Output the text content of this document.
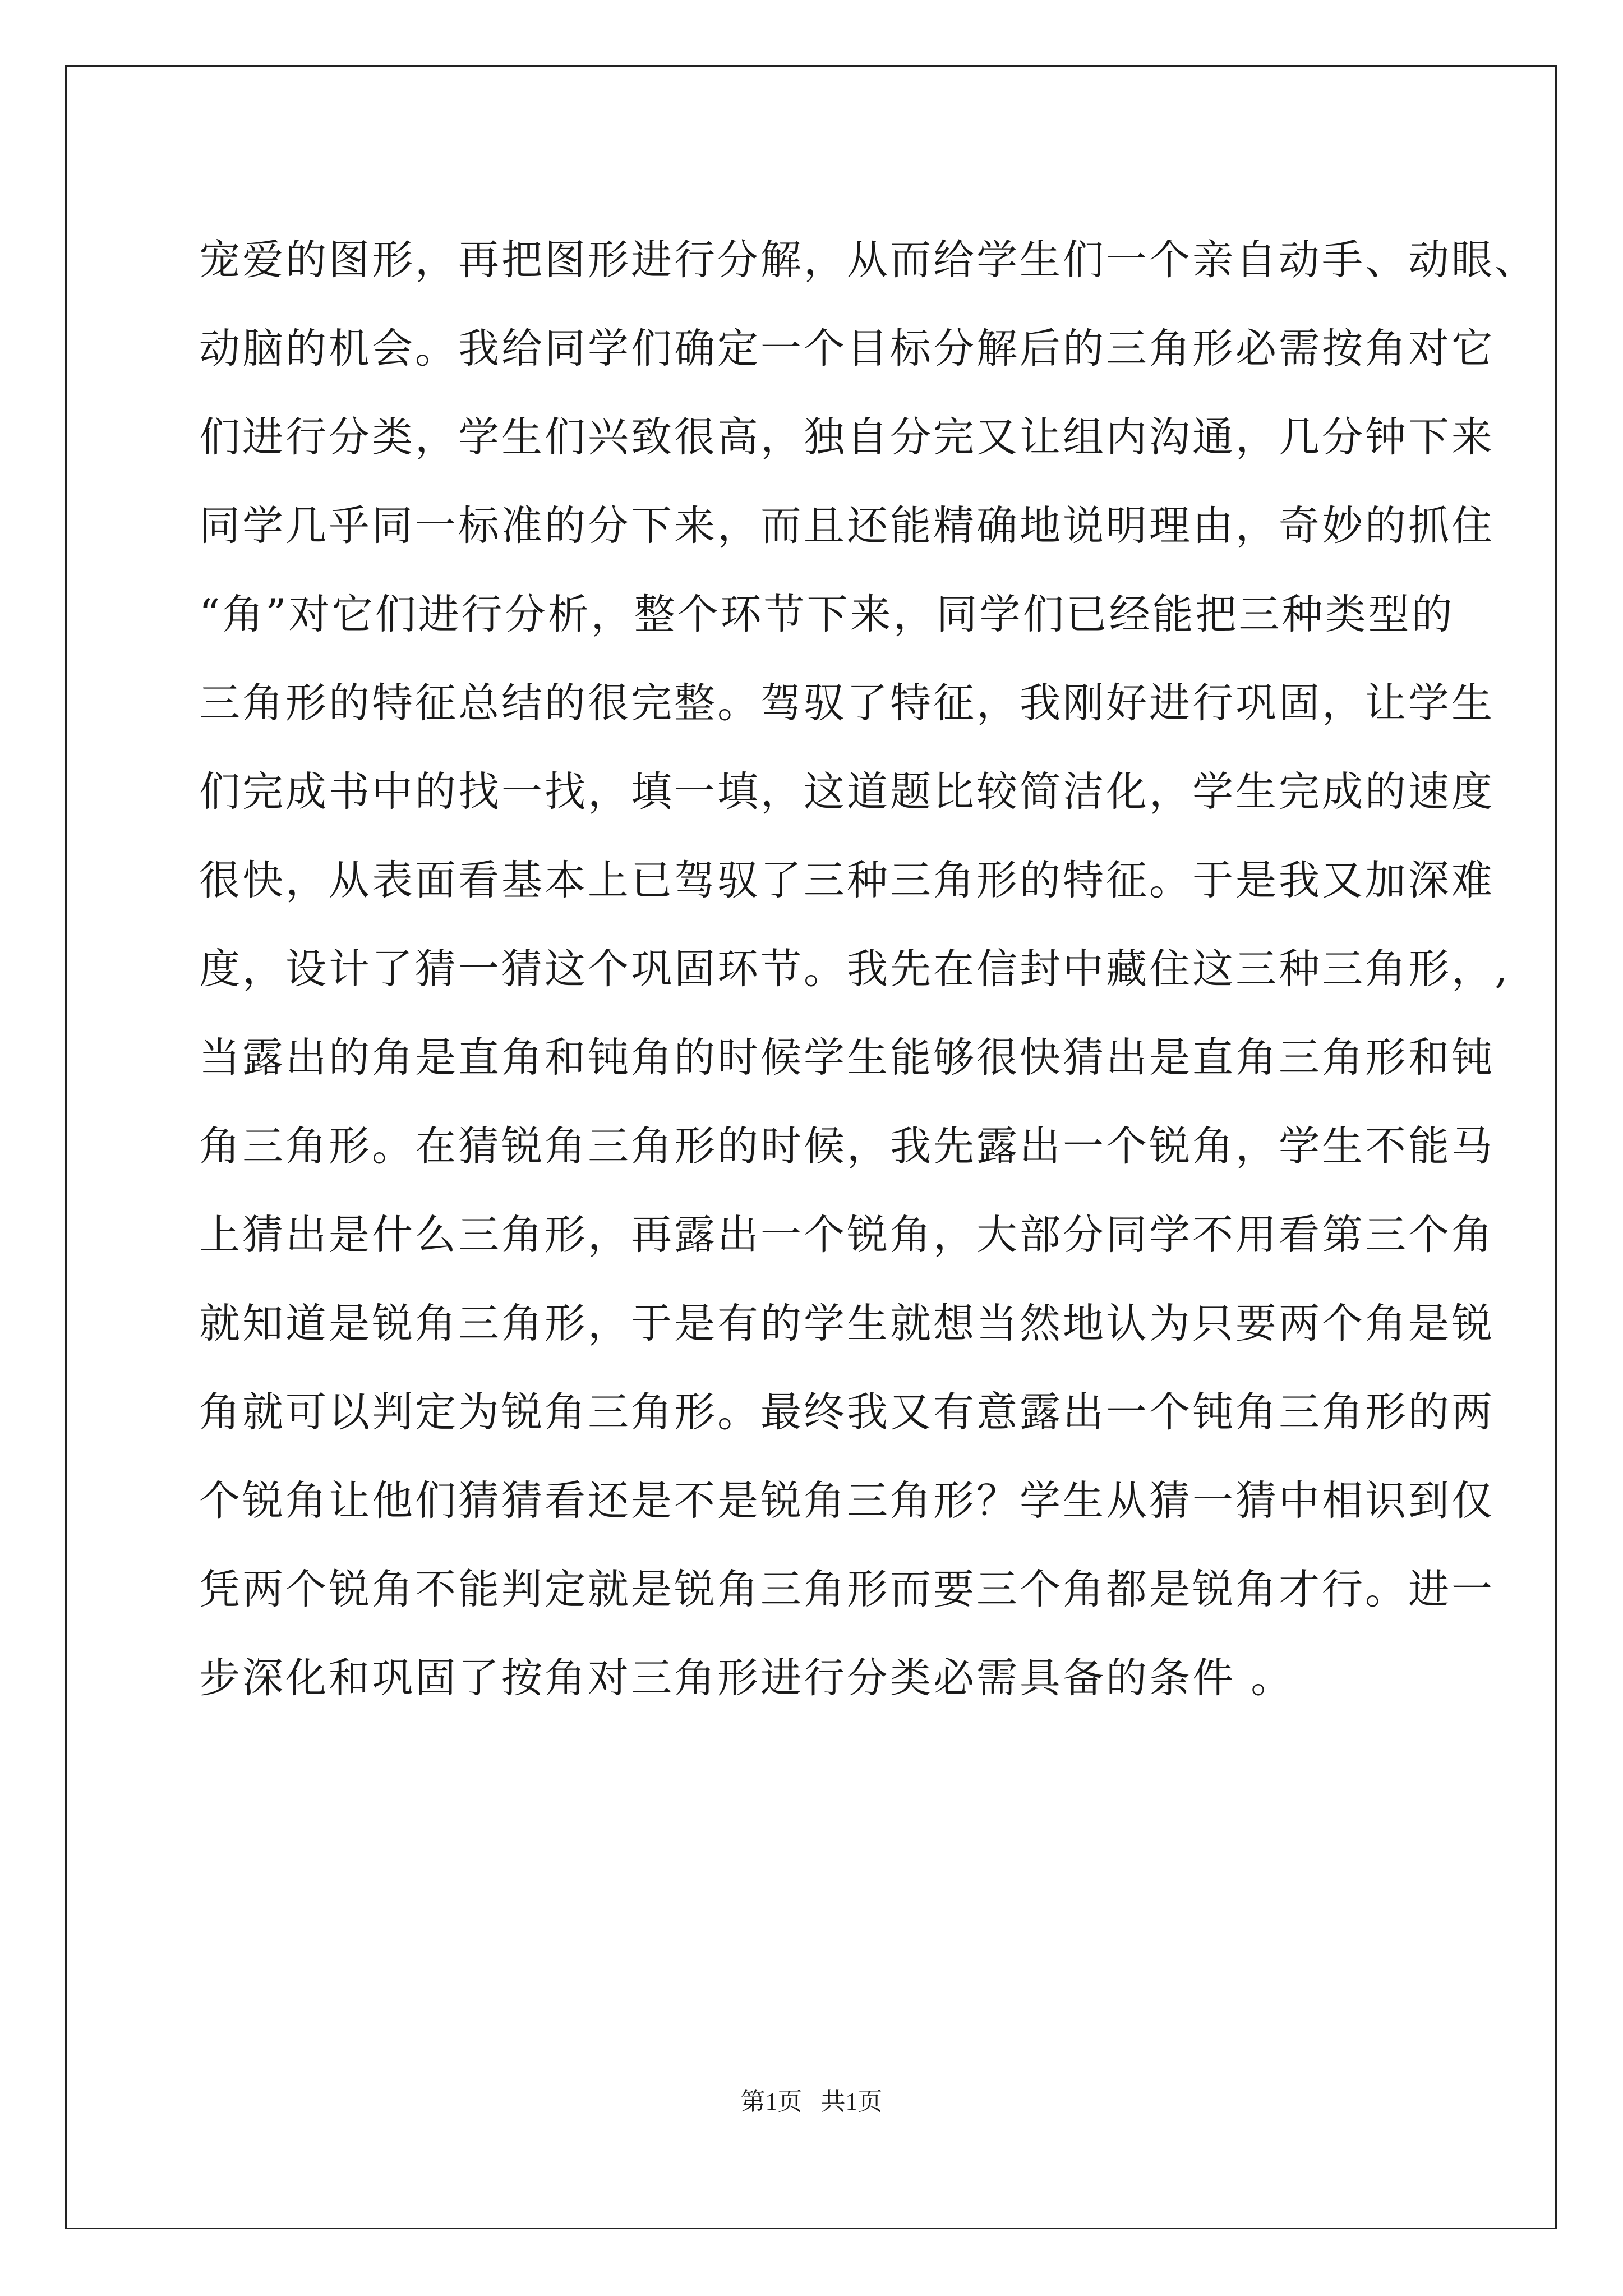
宠爱的图形，再把图形进行分解，从而给学生们一个亲自动手、动眼、
动脑的机会。我给同学们确定一个目标分解后的三角形必需按角对它
们进行分类，学生们兴致很高，独自分完又让组内沟通，几分钟下来
同学几乎同一标准的分下来，而且还能精确地说明理由，奇妙的抓住
“角”对它们进行分析，整个环节下来，同学们已经能把三种类型的
三角形的特征总结的很完整。驾驭了特征，我刚好进行巩固，让学生
们完成书中的找一找，填一填，这道题比较简洁化，学生完成的速度
很快，从表面看基本上已驾驭了三种三角形的特征。于是我又加深难
度，设计了猜一猜这个巩固环节。我先在信封中藏住这三种三角形，,
当露出的角是直角和钝角的时候学生能够很快猜出是直角三角形和钝
角三角形。在猜锐角三角形的时候，我先露出一个锐角，学生不能马
上猜出是什么三角形，再露出一个锐角，大部分同学不用看第三个角
就知道是锐角三角形，于是有的学生就想当然地认为只要两个角是锐
角就可以判定为锐角三角形。最终我又有意露出一个钝角三角形的两
个锐角让他们猜猜看还是不是锐角三角形？学生从猜一猜中相识到仅
凭两个锐角不能判定就是锐角三角形而要三个角都是锐角才行。进一
步深化和巩固了按角对三角形进行分类必需具备的条件 。
第1页   共1页
